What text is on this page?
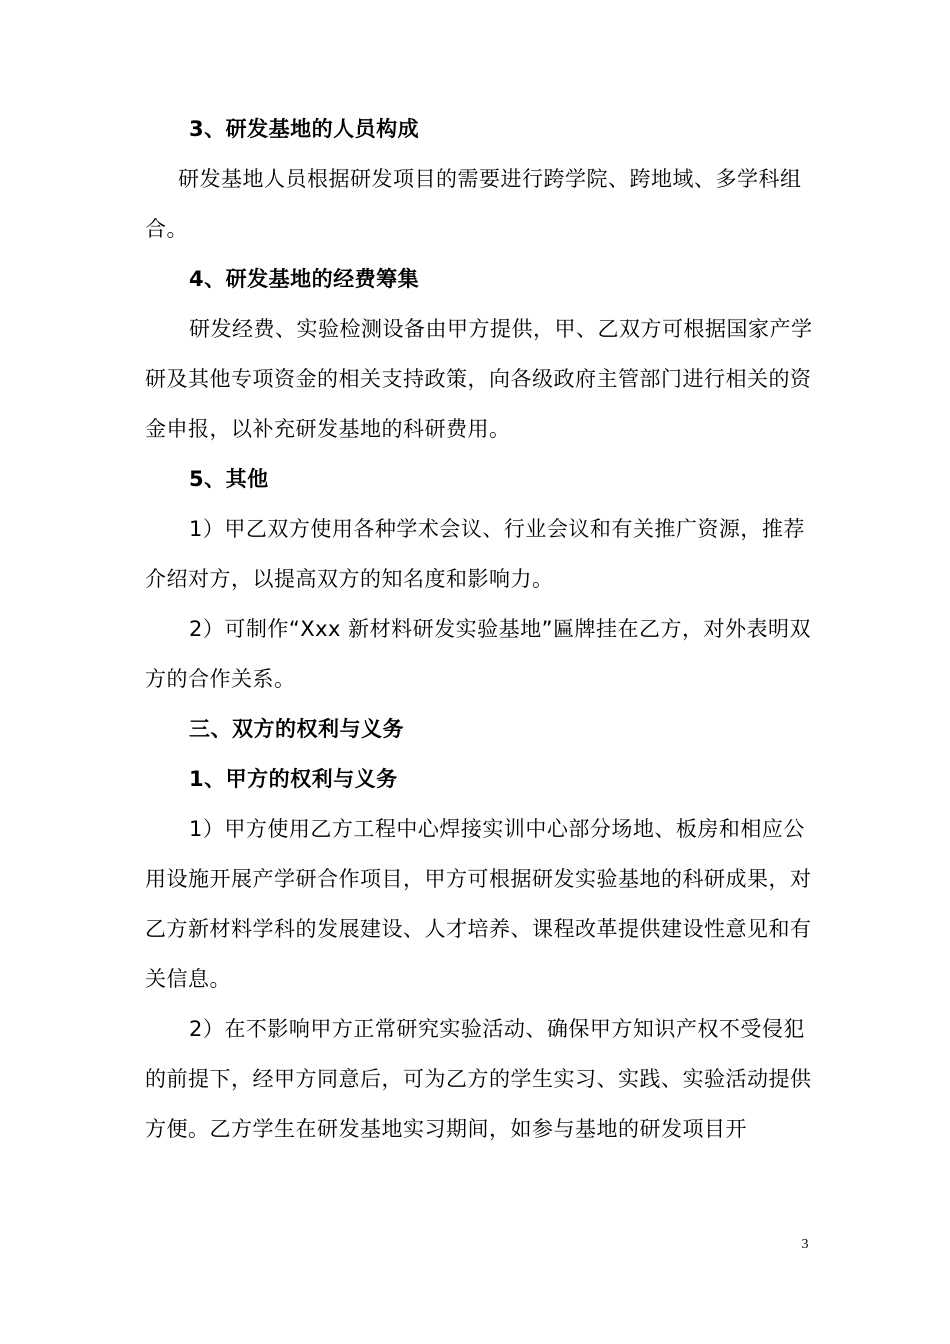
3、研发基地的人员构成

研发基地人员根据研发项目的需要进行跨学院、跨地域、多学科组合。

4、研发基地的经费筹集

研发经费、实验检测设备由甲方提供，甲、乙双方可根据国家产学研及其他专项资金的相关支持政策，向各级政府主管部门进行相关的资金申报，以补充研发基地的科研费用。

5、其他

1）甲乙双方使用各种学术会议、行业会议和有关推广资源，推荐介绍对方，以提高双方的知名度和影响力。

2）可制作“Xxx 新材料研发实验基地”匾牌挂在乙方，对外表明双方的合作关系。

三、双方的权利与义务

1、甲方的权利与义务

1）甲方使用乙方工程中心焊接实训中心部分场地、板房和相应公用设施开展产学研合作项目，甲方可根据研发实验基地的科研成果，对乙方新材料学科的发展建设、人才培养、课程改革提供建设性意见和有关信息。

2）在不影响甲方正常研究实验活动、确保甲方知识产权不受侵犯的前提下，经甲方同意后，可为乙方的学生实习、实践、实验活动提供方便。乙方学生在研发基地实习期间，如参与基地的研发项目开

3
